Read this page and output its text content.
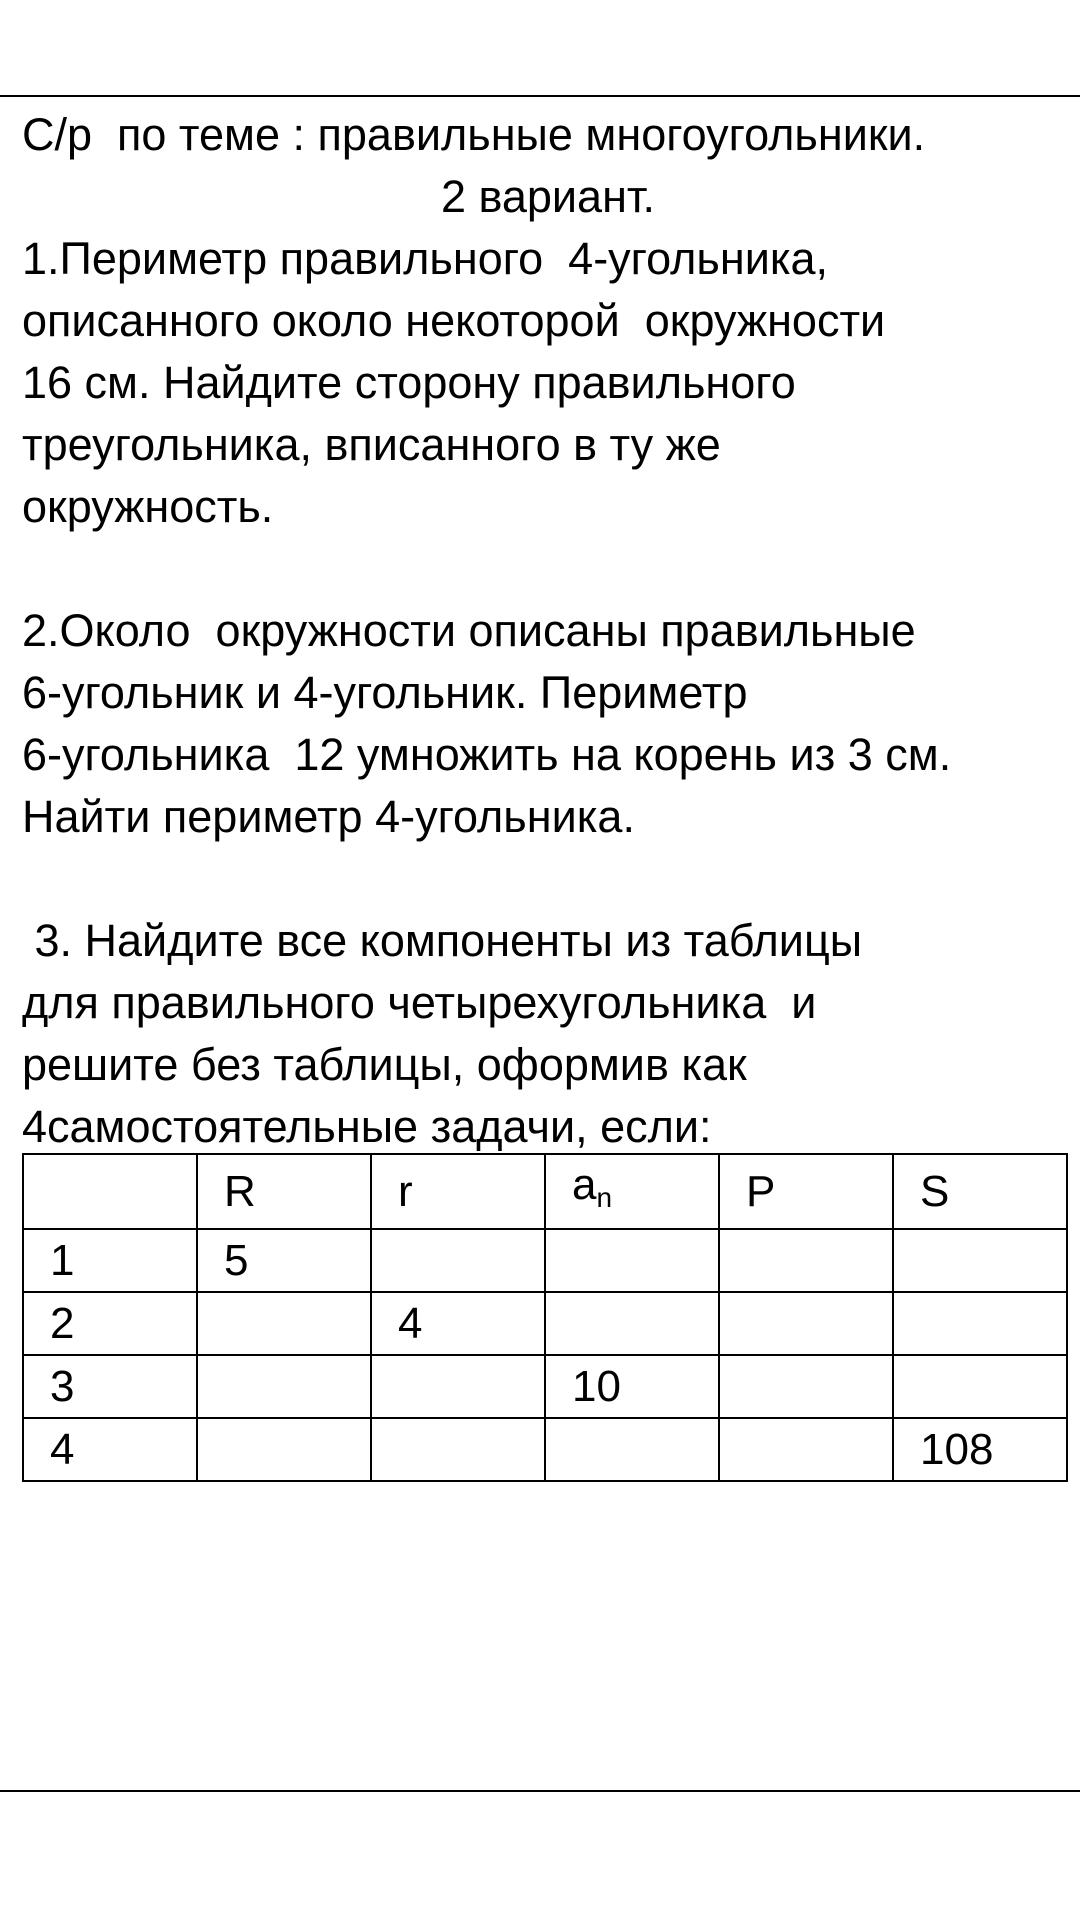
С/р  по теме : правильные многоугольники.
2 вариант.
1.Периметр правильного  4-угольника,
описанного около некоторой  окружности
16 см. Найдите сторону правильного
треугольника, вписанного в ту же
окружность.
2.Около  окружности описаны правильные
6-угольник и 4-угольник. Периметр
6-угольника  12 умножить на корень из 3 см.
Найти периметр 4-угольника.
3. Найдите все компоненты из таблицы
для правильного четырехугольника  и
решите без таблицы, оформив как
4самостоятельные задачи, если:
	R	r	$a_n$	P	S
1	5				
2		4			
3			10		
4					108
